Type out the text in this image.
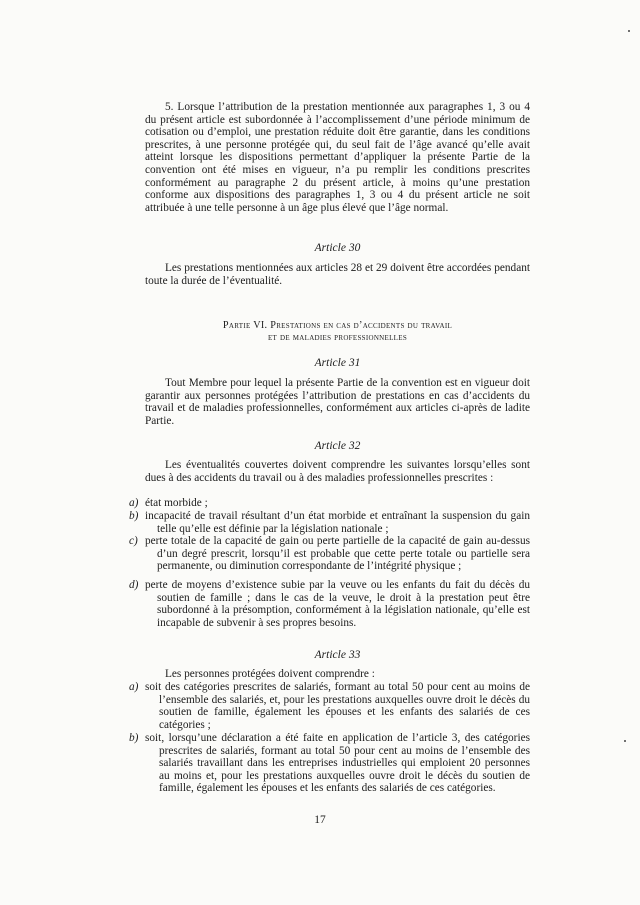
5. Lorsque l’attribution de la prestation mentionnée aux paragraphes 1, 3 ou 4 du présent article est subordonnée à l’accomplissement d’une période minimum de cotisation ou d’emploi, une prestation réduite doit être garantie, dans les conditions prescrites, à une personne protégée qui, du seul fait de l’âge avancé qu’elle avait atteint lorsque les dispositions permettant d’appliquer la présente Partie de la convention ont été mises en vigueur, n’a pu remplir les conditions prescrites conformément au paragraphe 2 du présent article, à moins qu’une prestation conforme aux dispositions des paragraphes 1, 3 ou 4 du présent article ne soit attribuée à une telle personne à un âge plus élevé que l’âge normal.

Article 30

Les prestations mentionnées aux articles 28 et 29 doivent être accordées pendant toute la durée de l’éventualité.

Partie VI. Prestations en cas d’accidents du travail

et de maladies professionnelles

Article 31

Tout Membre pour lequel la présente Partie de la convention est en vigueur doit garantir aux personnes protégées l’attribution de prestations en cas d’accidents du travail et de maladies professionnelles, conformément aux articles ci-après de ladite Partie.

Article 32

Les éventualités couvertes doivent comprendre les suivantes lorsqu’elles sont dues à des accidents du travail ou à des maladies professionnelles prescrites :

a) état morbide ;
b) incapacité de travail résultant d’un état morbide et entraînant la suspension du gain telle qu’elle est définie par la législation nationale ;
c) perte totale de la capacité de gain ou perte partielle de la capacité de gain au-dessus d’un degré prescrit, lorsqu’il est probable que cette perte totale ou partielle sera permanente, ou diminution correspondante de l’intégrité physique ;
d) perte de moyens d’existence subie par la veuve ou les enfants du fait du décès du soutien de famille ; dans le cas de la veuve, le droit à la prestation peut être subordonné à la présomption, conformément à la législation nationale, qu’elle est incapable de subvenir à ses propres besoins.

Article 33

Les personnes protégées doivent comprendre :

a) soit des catégories prescrites de salariés, formant au total 50 pour cent au moins de l’ensemble des salariés, et, pour les prestations auxquelles ouvre droit le décès du soutien de famille, également les épouses et les enfants des salariés de ces catégories ;
b) soit, lorsqu’une déclaration a été faite en application de l’article 3, des catégories prescrites de salariés, formant au total 50 pour cent au moins de l’ensemble des salariés travaillant dans les entreprises industrielles qui emploient 20 personnes au moins et, pour les prestations auxquelles ouvre droit le décès du soutien de famille, également les épouses et les enfants des salariés de ces catégories.

17
